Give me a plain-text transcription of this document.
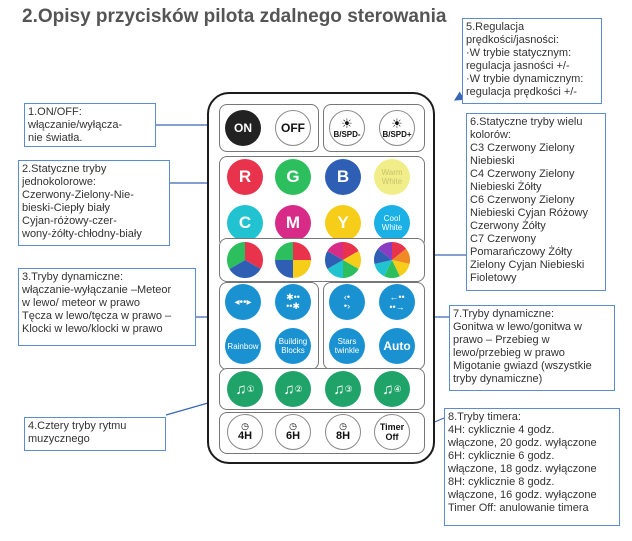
2.Opisy przycisków pilota zdalnego sterowania
1.ON/OFF:
włączanie/wyłącza-
nie światła.
2.Statyczne tryby
jednokolorowe:
Czerwony-Zielony-Nie-
bieski-Ciepły biały
Cyjan-różowy-czer-
wony-żółty-chłodny-biały
3.Tryby dynamiczne:
włączanie-wyłączanie –Meteor
w lewo/ meteor w prawo
Tęcza w lewo/tęcza w prawo –
Klocki w lewo/klocki w prawo
4.Cztery tryby rytmu
muzycznego
5.Regulacja
prędkości/jasności:
·W trybie statycznym:
regulacja jasności +/-
·W trybie dynamicznym:
regulacja prędkości +/-
6.Statyczne tryby wielu
kolorów:
C3 Czerwony Zielony
Niebieski
C4 Czerwony Zielony
Niebieski Żółty
C6 Czerwony Zielony
Niebieski Cyjan Różowy
Czerwony Żółty
C7 Czerwony
Pomarańczowy Żółty
Zielony Cyjan Niebieski
Fioletowy
7.Tryby dynamiczne:
Gonitwa w lewo/gonitwa w
prawo – Przebieg w
lewo/przebieg w prawo
Migotanie gwiazd (wszystkie
tryby dynamiczne)
8.Tryby timera:
4H: cyklicznie 4 godz.
włączone, 20 godz. wyłączone
6H: cyklicznie 6 godz.
włączone, 18 godz. wyłączone
8H: cyklicznie 8 godz.
włączone, 16 godz. wyłączone
Timer Off: anulowanie timera
ON OFF	☀
B/SPD-
☀
B/SPD+
R G B	Warm White
C M Y	Cool White
◂••▸	✱••
••✱
Rainbow	Building Blocks
‹•
•›
←••
••→
Stars twinkle	Auto
♫ ① ♫ ② ♫ ③ ♫ ④
◷
4H
◷
6H
◷
8H
Timer Off
